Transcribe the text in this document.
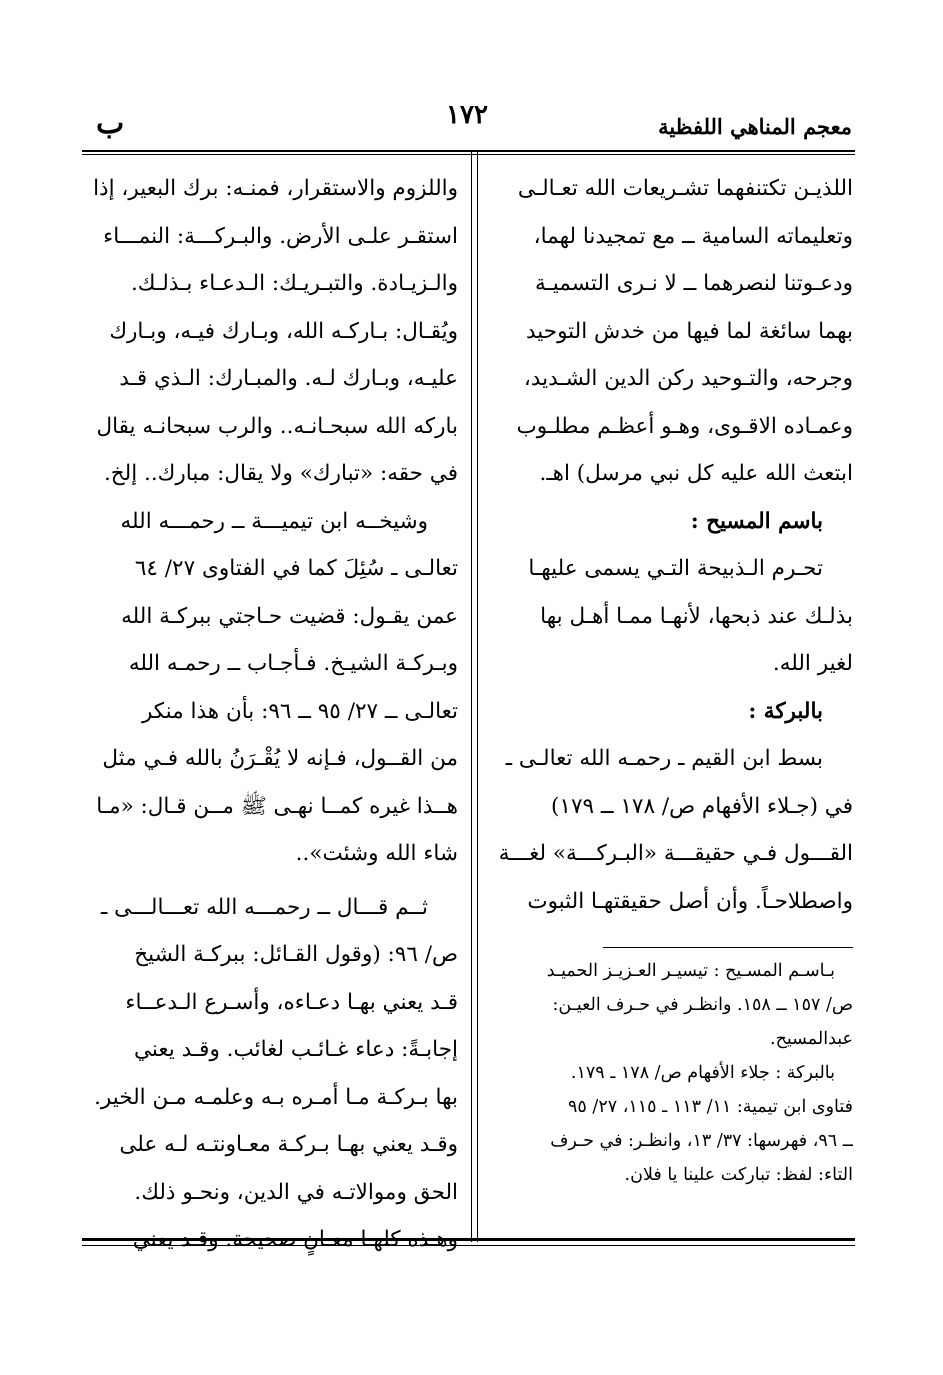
معجم المناهي اللفظية
١٧٢
ب
اللذيـن تكتنفهما تشـريعات الله تعـالـى
وتعليماته السامية ــ مع تمجيدنا لهما،
ودعـوتنا لنصرهما ــ لا نـرى التسميـة
بهما سائغة لما فيها من خدش التوحيد
وجرحه، والتـوحيد ركن الدين الشـديد،
وعمـاده الاقـوى، وهـو أعظـم مطلـوب
ابتعث الله عليه كل نبي مرسل) اهـ.
باسم المسيح :
تحـرم الـذبيحة التـي يسمى عليهـا
بذلـك عند ذبحها، لأنهـا ممـا أهـل بها
لغير الله.
بالبركة :
بسط ابن القيم ـ رحمـه الله تعالـى ـ
في (جـلاء الأفهام ص/ ١٧٨ ــ ١٧٩)
القـــول فـي حقيقـــة «البـركـــة» لغـــة
واصطلاحـاً. وأن أصل حقيقتهـا الثبوت
بـاسـم المسـيح : تيسيـر العـزيـز الحميـد
ص/ ١٥٧ ــ ١٥٨. وانظـر في حـرف العيـن:
عبدالمسيح.
بالبركة : جلاء الأفهام ص/ ١٧٨ ـ ١٧٩.
فتاوى ابن تيمية: ١١/ ١١٣ ـ ١١٥، ٢٧/ ٩٥
ــ ٩٦، فهرسها: ٣٧/ ١٣، وانظـر: في حـرف
التاء: لفظ: تباركت علينا يا فلان.
واللزوم والاستقرار، فمنـه: برك البعير، إذا
استقـر علـى الأرض. والبـركـــة: النمـــاء
والـزيـادة. والتبـريـك: الـدعـاء بـذلـك.
ويُقـال: بـاركـه الله، وبـارك فيـه، وبـارك
عليـه، وبـارك لـه. والمبـارك: الـذي قـد
باركه الله سبحـانـه.. والرب سبحانـه يقال
في حقه: «تبارك» ولا يقال: مبارك.. إلخ.
وشيخــه ابن تيميـــة ــ رحمـــه الله
تعالـى ـ سُئِلَ كما في الفتاوى ٢٧/ ٦٤
عمن يقـول: قضيت حـاجتي ببركـة الله
وبـركـة الشيـخ. فـأجـاب ــ رحمـه الله
تعالـى ــ ٢٧/ ٩٥ ــ ٩٦: بأن هذا منكر
من القــول، فـإنه لا يُقْـرَنُ بالله فـي مثل
هــذا غيره كمــا نهـى ﷺ مــن قـال: «مـا
شاء الله وشئت»..
ثــم قـــال ــ رحمـــه الله تعـــالـــى ـ
ص/ ٩٦: (وقول القـائل: ببركـة الشيخ
قـد يعني بهـا دعـاءه، وأسـرع الـدعــاء
إجابـةً: دعاء غـائـب لغائب. وقـد يعني
بها بـركـة مـا أمـره بـه وعلمـه مـن الخير.
وقـد يعني بهـا بـركـة معـاونتـه لـه على
الحق وموالاتـه في الدين، ونحـو ذلك.
وهـذه كلهـا معـانٍ صحيحة. وقـد يعني
